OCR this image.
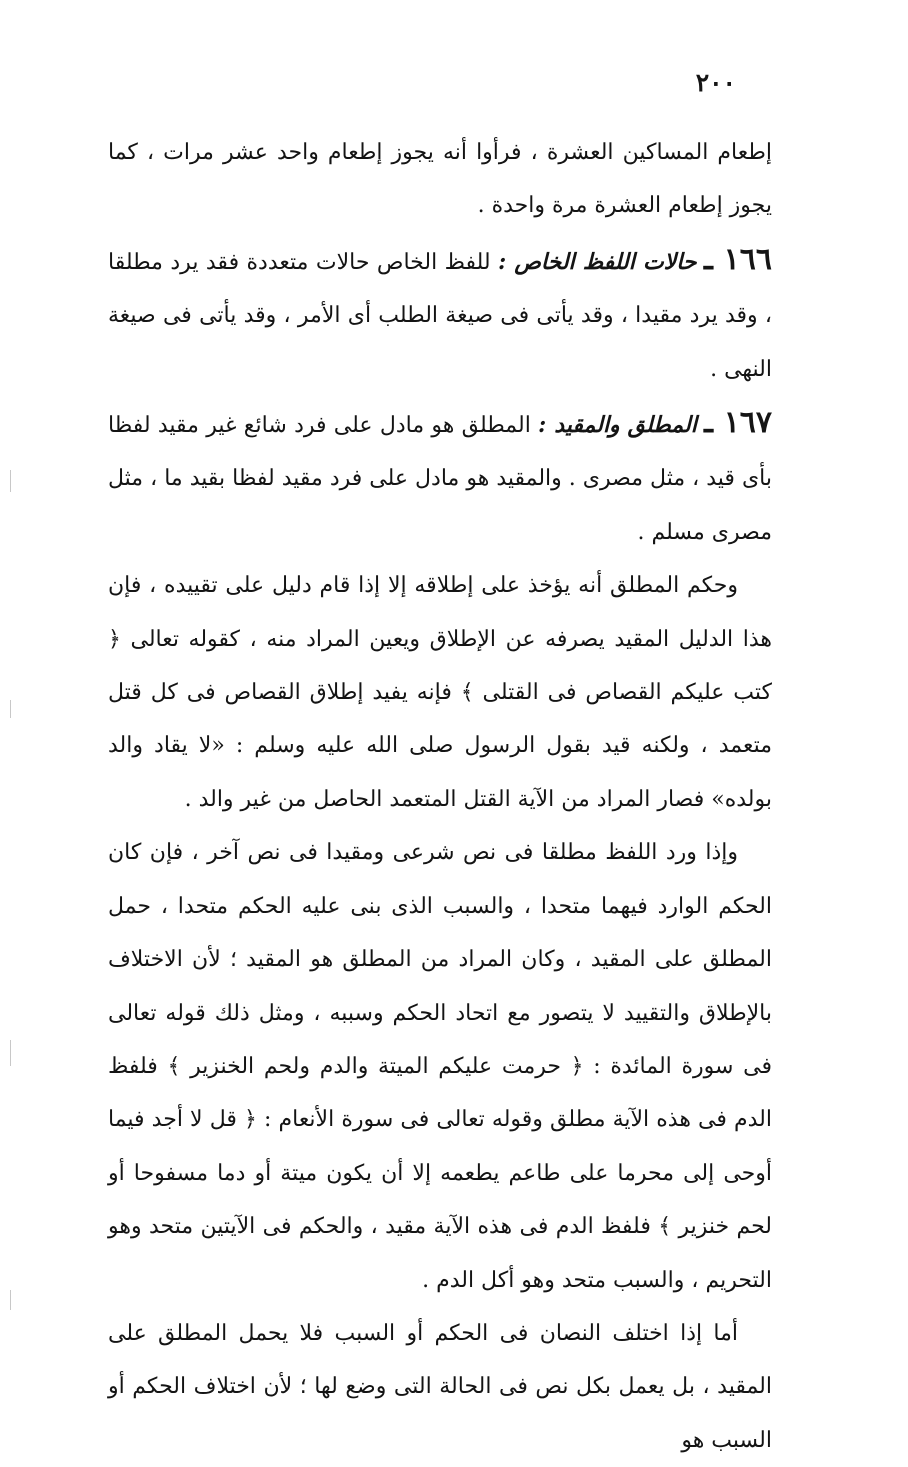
٢٠٠

إطعام المساكين العشرة ، فرأوا أنه يجوز إطعام واحد عشر مرات ، كما يجوز إطعام العشرة مرة واحدة .

١٦٦ ـ حالات اللفظ الخاص : للفظ الخاص حالات متعددة فقد يرد مطلقا ، وقد يرد مقيدا ، وقد يأتى فى صيغة الطلب أى الأمر ، وقد يأتى فى صيغة النهى .

١٦٧ ـ المطلق والمقيد : المطلق هو مادل على فرد شائع غير مقيد لفظا بأى قيد ، مثل مصرى . والمقيد هو مادل على فرد مقيد لفظا بقيد ما ، مثل مصرى مسلم .

وحكم المطلق أنه يؤخذ على إطلاقه إلا إذا قام دليل على تقييده ، فإن هذا الدليل المقيد يصرفه عن الإطلاق ويعين المراد منه ، كقوله تعالى ﴿ كتب عليكم القصاص فى القتلى ﴾ فإنه يفيد إطلاق القصاص فى كل قتل متعمد ، ولكنه قيد بقول الرسول صلى الله عليه وسلم : «لا يقاد والد بولده» فصار المراد من الآية القتل المتعمد الحاصل من غير والد .

وإذا ورد اللفظ مطلقا فى نص شرعى ومقيدا فى نص آخر ، فإن كان الحكم الوارد فيهما متحدا ، والسبب الذى بنى عليه الحكم متحدا ، حمل المطلق على المقيد ، وكان المراد من المطلق هو المقيد ؛ لأن الاختلاف بالإطلاق والتقييد لا يتصور مع اتحاد الحكم وسببه ، ومثل ذلك قوله تعالى فى سورة المائدة : ﴿ حرمت عليكم الميتة والدم ولحم الخنزير ﴾ فلفظ الدم فى هذه الآية مطلق وقوله تعالى فى سورة الأنعام : ﴿ قل لا أجد فيما أوحى إلى محرما على طاعم يطعمه إلا أن يكون ميتة أو دما مسفوحا أو لحم خنزير ﴾ فلفظ الدم فى هذه الآية مقيد ، والحكم فى الآيتين متحد وهو التحريم ، والسبب متحد وهو أكل الدم .

أما إذا اختلف النصان فى الحكم أو السبب فلا يحمل المطلق على المقيد ، بل يعمل بكل نص فى الحالة التى وضع لها ؛ لأن اختلاف الحكم أو السبب هو
